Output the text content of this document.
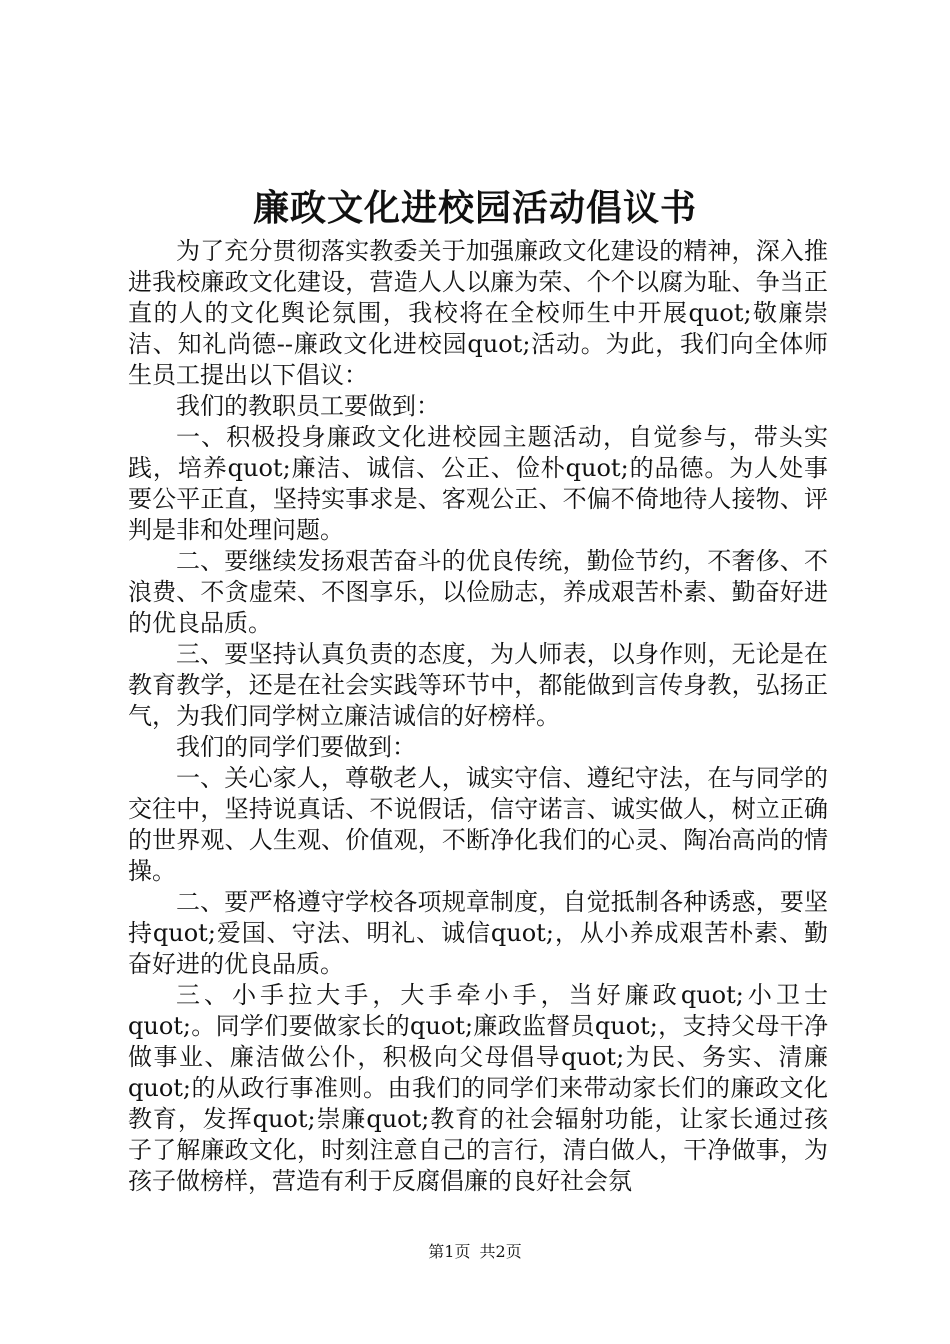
廉政文化进校园活动倡议书

为了充分贯彻落实教委关于加强廉政文化建设的精神，深入推进我校廉政文化建设，营造人人以廉为荣、个个以腐为耻、争当正直的人的文化舆论氛围，我校将在全校师生中开展quot;敬廉崇洁、知礼尚德--廉政文化进校园quot;活动。为此，我们向全体师生员工提出以下倡议：

我们的教职员工要做到：

一、积极投身廉政文化进校园主题活动，自觉参与，带头实践，培养quot;廉洁、诚信、公正、俭朴quot;的品德。为人处事要公平正直，坚持实事求是、客观公正、不偏不倚地待人接物、评判是非和处理问题。

二、要继续发扬艰苦奋斗的优良传统，勤俭节约，不奢侈、不浪费、不贪虚荣、不图享乐，以俭励志，养成艰苦朴素、勤奋好进的优良品质。

三、要坚持认真负责的态度，为人师表，以身作则，无论是在教育教学，还是在社会实践等环节中，都能做到言传身教，弘扬正气，为我们同学树立廉洁诚信的好榜样。

我们的同学们要做到：

一、关心家人，尊敬老人，诚实守信、遵纪守法，在与同学的交往中，坚持说真话、不说假话，信守诺言、诚实做人，树立正确的世界观、人生观、价值观，不断净化我们的心灵、陶冶高尚的情操。

二、要严格遵守学校各项规章制度，自觉抵制各种诱惑，要坚持quot;爱国、守法、明礼、诚信quot;，从小养成艰苦朴素、勤奋好进的优良品质。

三、小手拉大手，大手牵小手，当好廉政quot;小卫士quot;。同学们要做家长的quot;廉政监督员quot;，支持父母干净做事业、廉洁做公仆，积极向父母倡导quot;为民、务实、清廉quot;的从政行事准则。由我们的同学们来带动家长们的廉政文化教育，发挥quot;崇廉quot;教育的社会辐射功能，让家长通过孩子了解廉政文化，时刻注意自己的言行，清白做人，干净做事，为孩子做榜样，营造有利于反腐倡廉的良好社会氛

第1页 共2页
